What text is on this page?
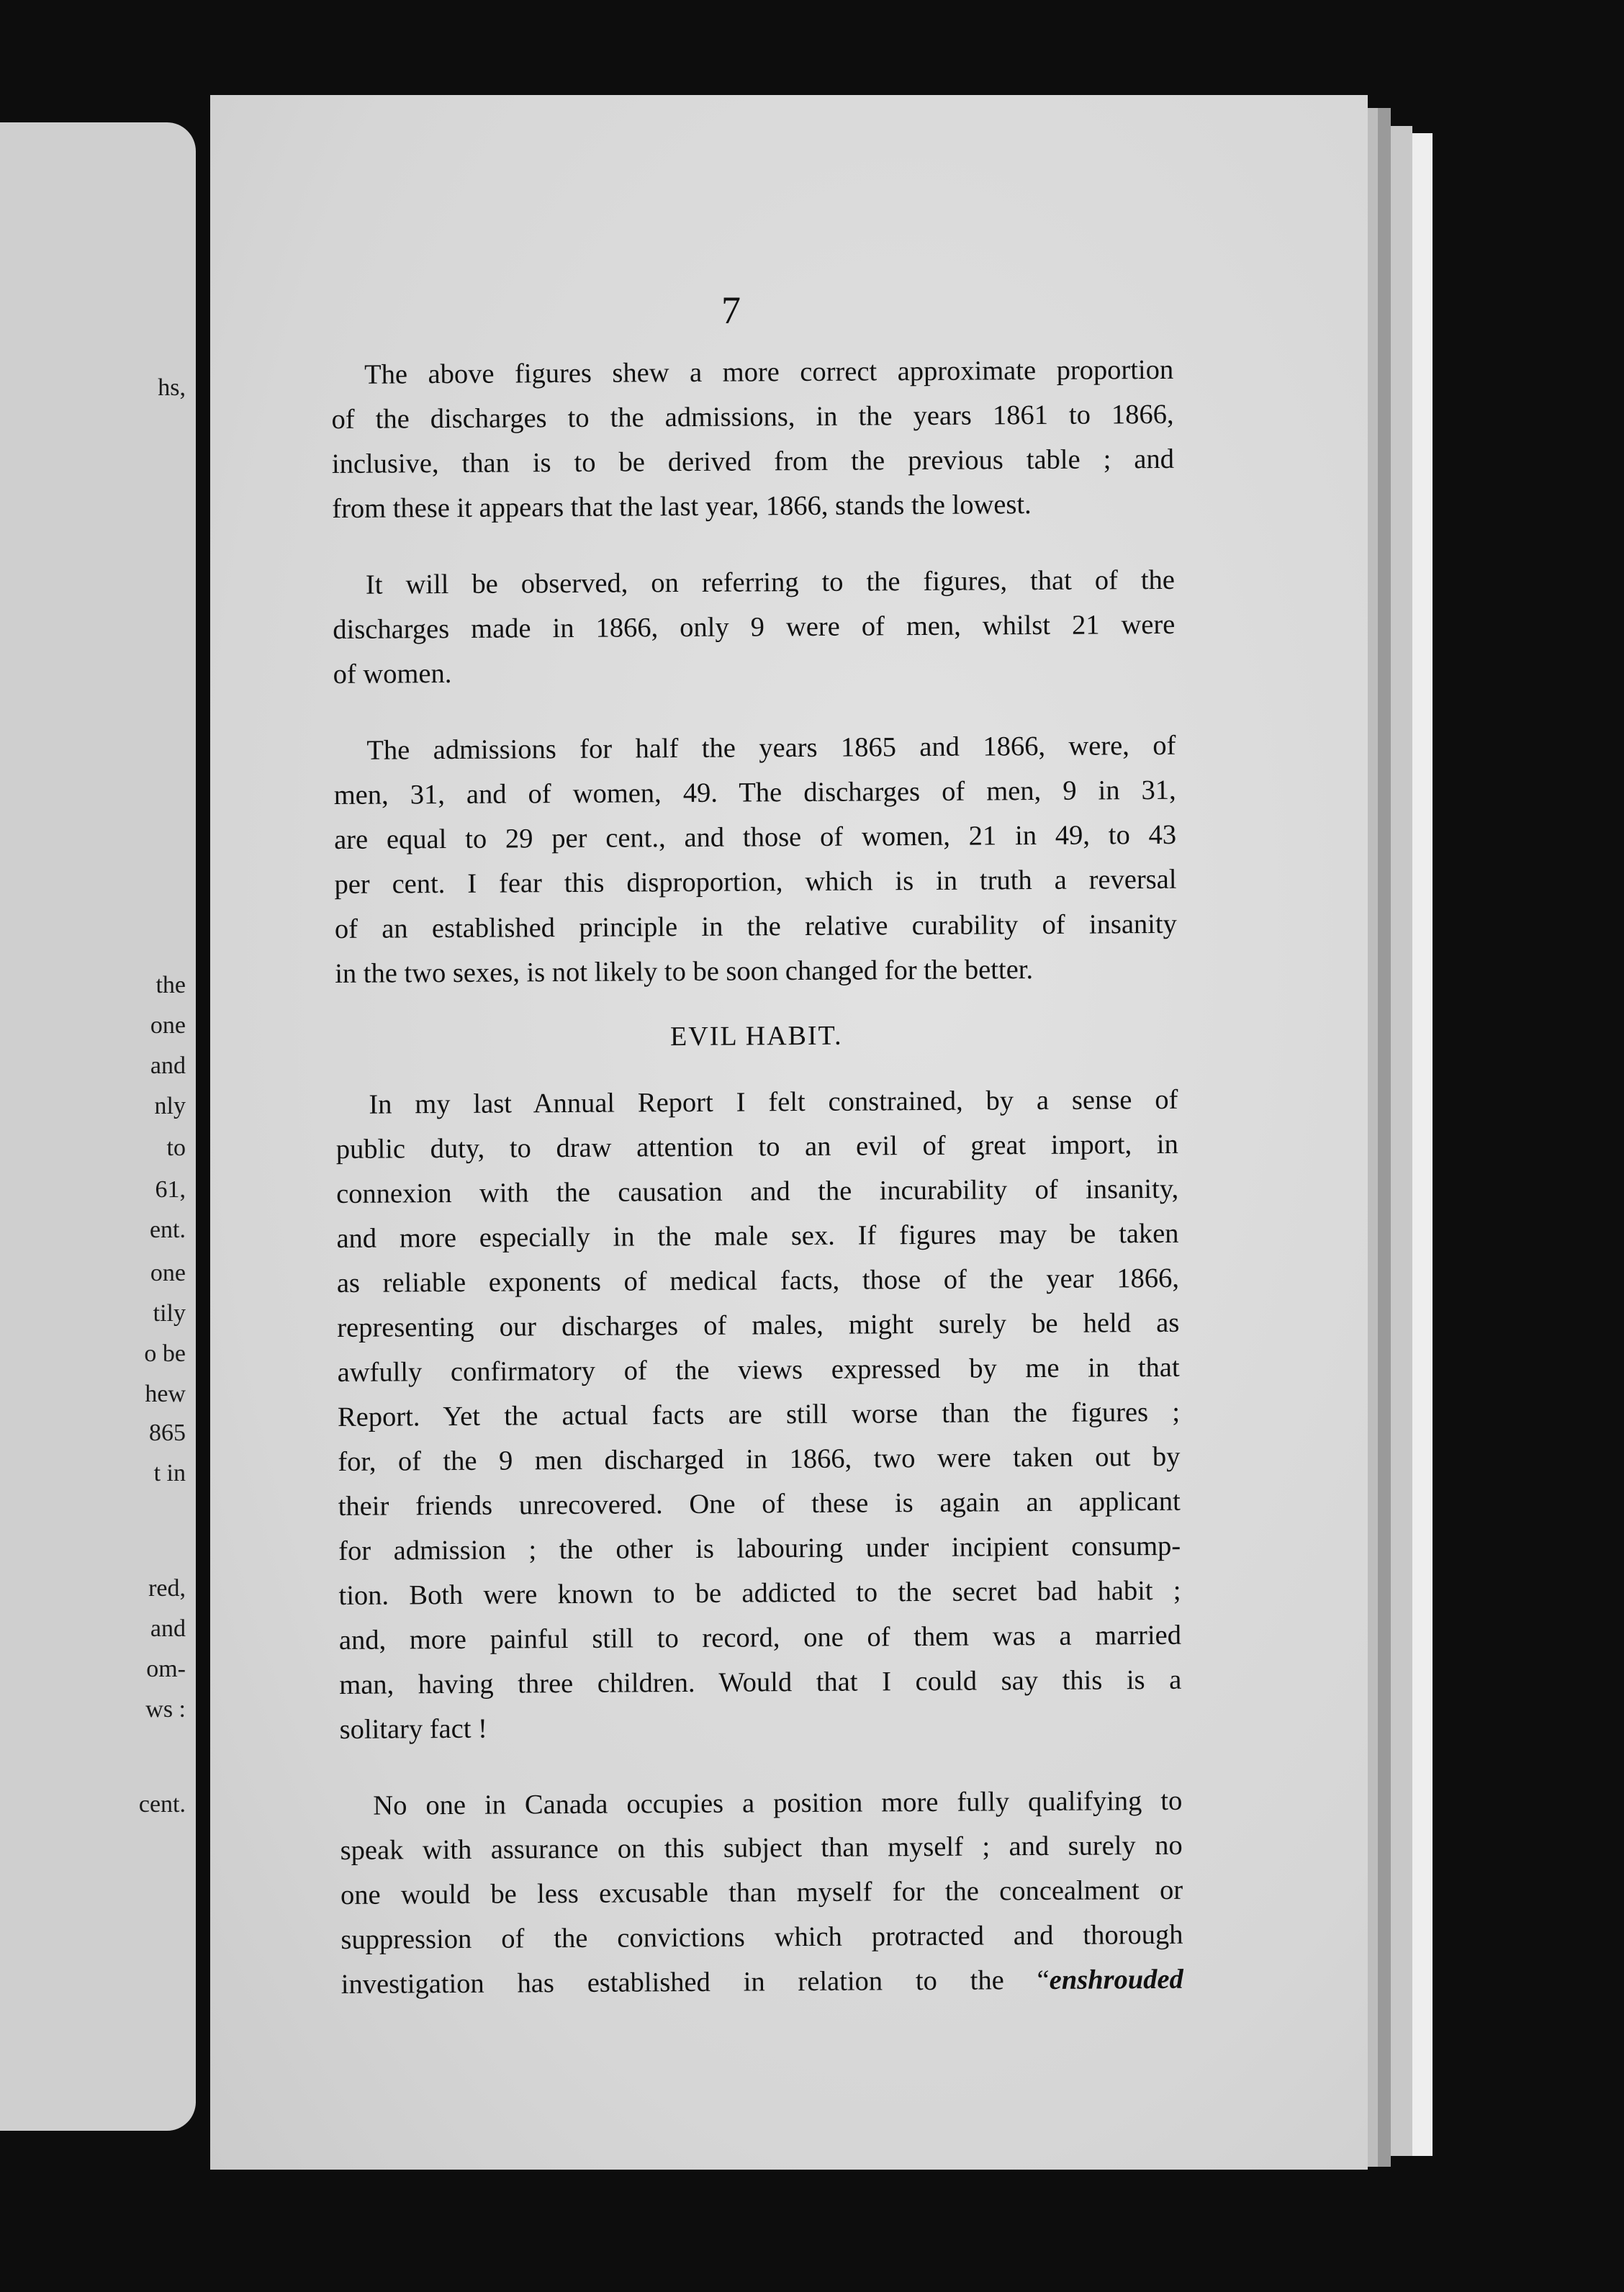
hs,
the
one
and
nly
to
61,
ent.
one
tily
o be
hew
865
t in
red,
and
om-
ws :
cent.
7

The above figures shew a more correct approximate proportion
of the discharges to the admissions, in the years 1861 to 1866,
inclusive, than is to be derived from the previous table ; and
from these it appears that the last year, 1866, stands the lowest.

It will be observed, on referring to the figures, that of the
discharges made in 1866, only 9 were of men, whilst 21 were
of women.

The admissions for half the years 1865 and 1866, were, of
men, 31, and of women, 49. The discharges of men, 9 in 31,
are equal to 29 per cent., and those of women, 21 in 49, to 43
per cent. I fear this disproportion, which is in truth a reversal
of an established principle in the relative curability of insanity
in the two sexes, is not likely to be soon changed for the better.

EVIL HABIT.

In my last Annual Report I felt constrained, by a sense of
public duty, to draw attention to an evil of great import, in
connexion with the causation and the incurability of insanity,
and more especially in the male sex. If figures may be taken
as reliable exponents of medical facts, those of the year 1866,
representing our discharges of males, might surely be held as
awfully confirmatory of the views expressed by me in that
Report. Yet the actual facts are still worse than the figures ;
for, of the 9 men discharged in 1866, two were taken out by
their friends unrecovered. One of these is again an applicant
for admission ; the other is labouring under incipient consump-
tion. Both were known to be addicted to the secret bad habit ;
and, more painful still to record, one of them was a married
man, having three children. Would that I could say this is a
solitary fact !

No one in Canada occupies a position more fully qualifying to
speak with assurance on this subject than myself ; and surely no
one would be less excusable than myself for the concealment or
suppression of the convictions which protracted and thorough
investigation has established in relation to the “enshrouded
